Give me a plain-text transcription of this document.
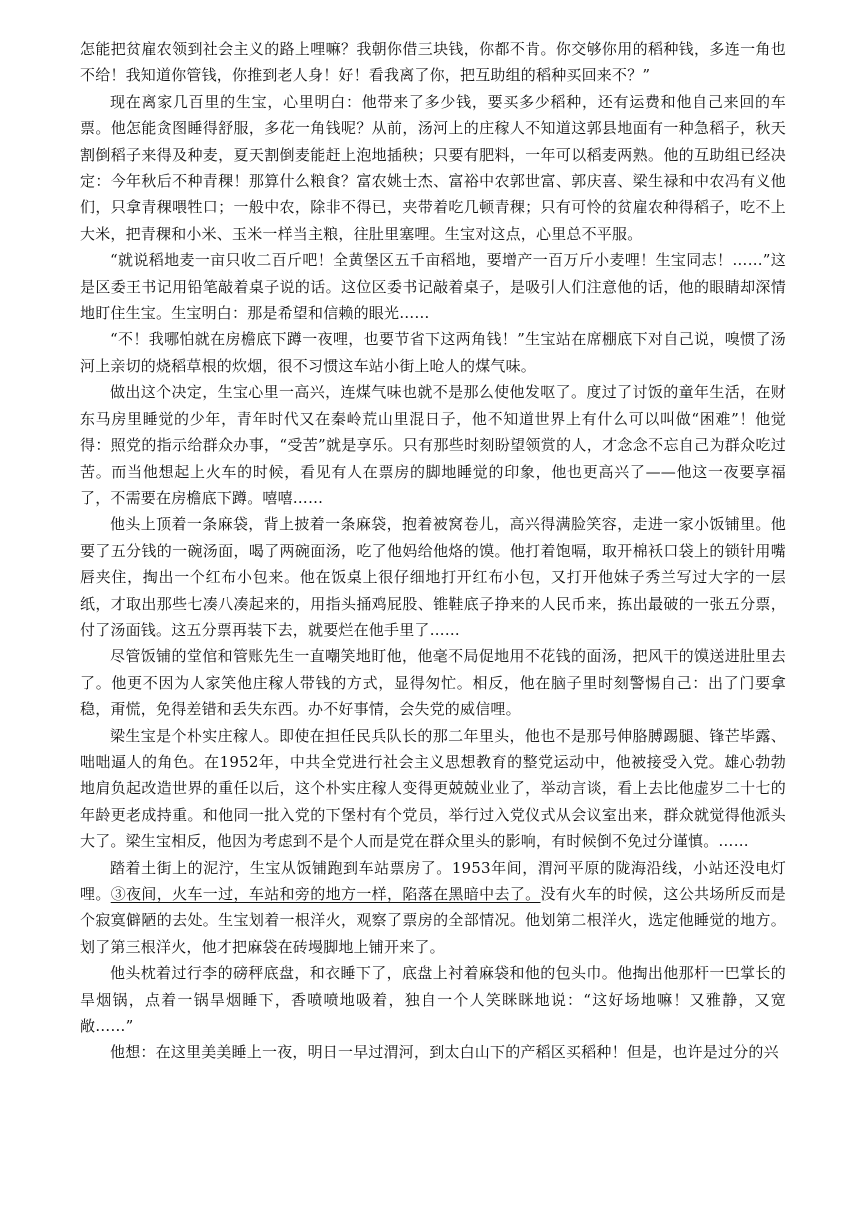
怎能把贫雇农领到社会主义的路上哩嘛？我朝你借三块钱，你都不肯。你交够你用的稻种钱，多连一角也不给！我知道你管钱，你推到老人身！好！看我离了你，把互助组的稻种买回来不？”

现在离家几百里的生宝，心里明白：他带来了多少钱，要买多少稻种，还有运费和他自己来回的车票。他怎能贪图睡得舒服，多花一角钱呢？从前，汤河上的庄稼人不知道这郭县地面有一种急稻子，秋天割倒稻子来得及种麦，夏天割倒麦能赶上泡地插秧；只要有肥料，一年可以稻麦两熟。他的互助组已经决定：今年秋后不种青稞！那算什么粮食？富农姚士杰、富裕中农郭世富、郭庆喜、梁生禄和中农冯有义他们，只拿青稞喂牲口；一般中农，除非不得已，夹带着吃几顿青稞；只有可怜的贫雇农种得稻子，吃不上大米，把青稞和小米、玉米一样当主粮，往肚里塞哩。生宝对这点，心里总不平服。

“就说稻地麦一亩只收二百斤吧！全黄堡区五千亩稻地，要增产一百万斤小麦哩！生宝同志！……”这是区委王书记用铅笔敲着桌子说的话。这位区委书记敲着桌子，是吸引人们注意他的话，他的眼睛却深情地盯住生宝。生宝明白：那是希望和信赖的眼光……

“不！我哪怕就在房檐底下蹲一夜哩，也要节省下这两角钱！”生宝站在席棚底下对自己说，嗅惯了汤河上亲切的烧稻草根的炊烟，很不习惯这车站小街上呛人的煤气味。

做出这个决定，生宝心里一高兴，连煤气味也就不是那么使他发呕了。度过了讨饭的童年生活，在财东马房里睡觉的少年，青年时代又在秦岭荒山里混日子，他不知道世界上有什么可以叫做“困难”！他觉得：照党的指示给群众办事，“受苦”就是享乐。只有那些时刻盼望领赏的人，才念念不忘自己为群众吃过苦。而当他想起上火车的时候，看见有人在票房的脚地睡觉的印象，他也更高兴了——他这一夜要享福了，不需要在房檐底下蹲。嘻嘻……

他头上顶着一条麻袋，背上披着一条麻袋，抱着被窝卷儿，高兴得满脸笑容，走进一家小饭铺里。他要了五分钱的一碗汤面，喝了两碗面汤，吃了他妈给他烙的馍。他打着饱嗝，取开棉袄口袋上的锁针用嘴唇夹住，掏出一个红布小包来。他在饭桌上很仔细地打开红布小包，又打开他妹子秀兰写过大字的一层纸，才取出那些七凑八凑起来的，用指头捅鸡屁股、锥鞋底子挣来的人民币来，拣出最破的一张五分票，付了汤面钱。这五分票再装下去，就要烂在他手里了……

尽管饭铺的堂倌和管账先生一直嘲笑地盯他，他毫不局促地用不花钱的面汤，把风干的馍送进肚里去了。他更不因为人家笑他庄稼人带钱的方式，显得匆忙。相反，他在脑子里时刻警惕自己：出了门要拿稳，甭慌，免得差错和丢失东西。办不好事情，会失党的威信哩。

梁生宝是个朴实庄稼人。即使在担任民兵队长的那二年里头，他也不是那号伸胳膊踢腿、锋芒毕露、咄咄逼人的角色。在1952年，中共全党进行社会主义思想教育的整党运动中，他被接受入党。雄心勃勃地肩负起改造世界的重任以后，这个朴实庄稼人变得更兢兢业业了，举动言谈，看上去比他虚岁二十七的年龄更老成持重。和他同一批入党的下堡村有个党员，举行过入党仪式从会议室出来，群众就觉得他派头大了。梁生宝相反，他因为考虑到不是个人而是党在群众里头的影响，有时候倒不免过分谨慎。……

踏着土街上的泥泞，生宝从饭铺跑到车站票房了。1953年间，渭河平原的陇海沿线，小站还没电灯哩。③夜间，火车一过，车站和旁的地方一样，陷落在黑暗中去了。没有火车的时候，这公共场所反而是个寂寞僻陋的去处。生宝划着一根洋火，观察了票房的全部情况。他划第二根洋火，选定他睡觉的地方。划了第三根洋火，他才把麻袋在砖墁脚地上铺开来了。

他头枕着过行李的磅秤底盘，和衣睡下了，底盘上衬着麻袋和他的包头巾。他掏出他那杆一巴掌长的旱烟锅，点着一锅旱烟睡下，香喷喷地吸着，独自一个人笑眯眯地说：“这好场地嘛！又雅静，又宽敞……”

他想：在这里美美睡上一夜，明日一早过渭河，到太白山下的产稻区买稻种！但是，也许是过分的兴
